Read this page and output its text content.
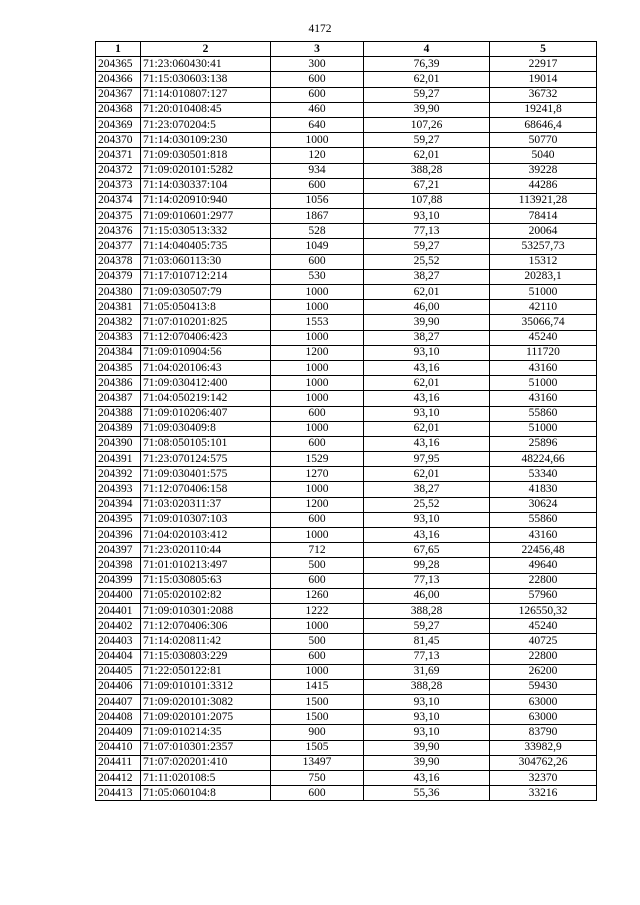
4172
1	2	3	4	5
204365	71:23:060430:41	300	76,39	22917
204366	71:15:030603:138	600	62,01	19014
204367	71:14:010807:127	600	59,27	36732
204368	71:20:010408:45	460	39,90	19241,8
204369	71:23:070204:5	640	107,26	68646,4
204370	71:14:030109:230	1000	59,27	50770
204371	71:09:030501:818	120	62,01	5040
204372	71:09:020101:5282	934	388,28	39228
204373	71:14:030337:104	600	67,21	44286
204374	71:14:020910:940	1056	107,88	113921,28
204375	71:09:010601:2977	1867	93,10	78414
204376	71:15:030513:332	528	77,13	20064
204377	71:14:040405:735	1049	59,27	53257,73
204378	71:03:060113:30	600	25,52	15312
204379	71:17:010712:214	530	38,27	20283,1
204380	71:09:030507:79	1000	62,01	51000
204381	71:05:050413:8	1000	46,00	42110
204382	71:07:010201:825	1553	39,90	35066,74
204383	71:12:070406:423	1000	38,27	45240
204384	71:09:010904:56	1200	93,10	111720
204385	71:04:020106:43	1000	43,16	43160
204386	71:09:030412:400	1000	62,01	51000
204387	71:04:050219:142	1000	43,16	43160
204388	71:09:010206:407	600	93,10	55860
204389	71:09:030409:8	1000	62,01	51000
204390	71:08:050105:101	600	43,16	25896
204391	71:23:070124:575	1529	97,95	48224,66
204392	71:09:030401:575	1270	62,01	53340
204393	71:12:070406:158	1000	38,27	41830
204394	71:03:020311:37	1200	25,52	30624
204395	71:09:010307:103	600	93,10	55860
204396	71:04:020103:412	1000	43,16	43160
204397	71:23:020110:44	712	67,65	22456,48
204398	71:01:010213:497	500	99,28	49640
204399	71:15:030805:63	600	77,13	22800
204400	71:05:020102:82	1260	46,00	57960
204401	71:09:010301:2088	1222	388,28	126550,32
204402	71:12:070406:306	1000	59,27	45240
204403	71:14:020811:42	500	81,45	40725
204404	71:15:030803:229	600	77,13	22800
204405	71:22:050122:81	1000	31,69	26200
204406	71:09:010101:3312	1415	388,28	59430
204407	71:09:020101:3082	1500	93,10	63000
204408	71:09:020101:2075	1500	93,10	63000
204409	71:09:010214:35	900	93,10	83790
204410	71:07:010301:2357	1505	39,90	33982,9
204411	71:07:020201:410	13497	39,90	304762,26
204412	71:11:020108:5	750	43,16	32370
204413	71:05:060104:8	600	55,36	33216
